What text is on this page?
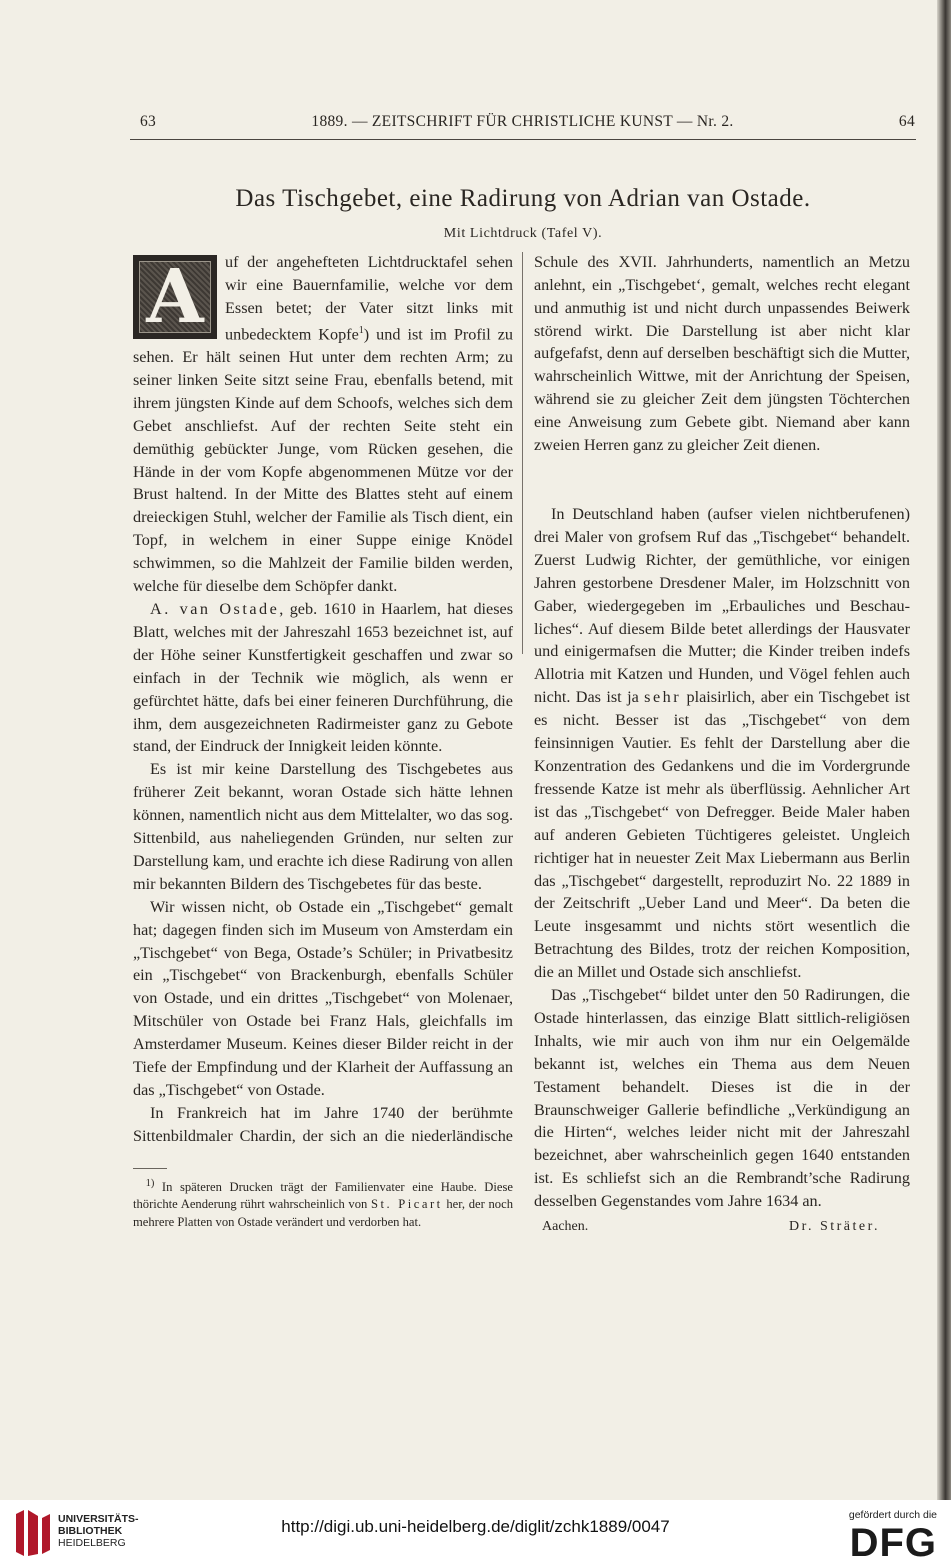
63	1889. — ZEITSCHRIFT FÜR CHRISTLICHE KUNST — Nr. 2.	64
Das Tischgebet, eine Radirung von Adrian van Ostade.
Mit Lichtdruck (Tafel V).

A	uf der angehefteten Lichtdrucktafel sehen wir eine Bauernfamilie, welche vor dem Essen betet; der Vater sitzt links mit unbedecktem Kopfe$^1$) und ist im Profil zu sehen. Er hält seinen Hut unter dem rechten Arm; zu seiner linken Seite sitzt seine Frau, ebenfalls betend, mit ihrem jüngsten Kinde auf dem Schoofs, welches sich dem Gebet anschliefst. Auf der rechten Seite steht ein demüthig gebückter Junge, vom Rücken gesehen, die Hände in der vom Kopfe abgenommenen Mütze vor der Brust haltend. In der Mitte des Blattes steht auf einem dreieckigen Stuhl, welcher der Familie als Tisch dient, ein Topf, in welchem in einer Suppe einige Knödel schwimmen, so die Mahlzeit der Familie bilden werden, welche für dieselbe dem Schöpfer dankt.

A. van Ostade, geb. 1610 in Haarlem, hat dieses Blatt, welches mit der Jahreszahl 1653 bezeichnet ist, auf der Höhe seiner Kunstfertigkeit geschaffen und zwar so einfach in der Technik wie möglich, als wenn er gefürchtet hätte, dafs bei einer feineren Durchführung, die ihm, dem ausgezeichneten Radirmeister ganz zu Gebote stand, der Eindruck der Innigkeit leiden könnte.

Es ist mir keine Darstellung des Tischgebetes aus früherer Zeit bekannt, woran Ostade sich hätte lehnen können, namentlich nicht aus dem Mittelalter, wo das sog. Sittenbild, aus naheliegenden Gründen, nur selten zur Darstellung kam, und erachte ich diese Radirung von allen mir bekannten Bildern des Tischgebetes für das beste.

Wir wissen nicht, ob Ostade ein „Tischgebet“ gemalt hat; dagegen finden sich im Museum von Amsterdam ein „Tischgebet“ von Bega, Ostade’s Schüler; in Privatbesitz ein „Tischgebet“ von Brackenburgh, ebenfalls Schüler von Ostade, und ein drittes „Tischgebet“ von Molenaer, Mitschüler von Ostade bei Franz Hals, gleichfalls im Amsterdamer Museum. Keines dieser Bilder reicht in der Tiefe der Empfindung und der Klarheit der Auffassung an das „Tischgebet“ von Ostade.

In Frankreich hat im Jahre 1740 der berühmte Sittenbildmaler Chardin, der sich an die niederländische

$^{1)}$ In späteren Drucken trägt der Familienvater eine Haube. Diese thörichte Aenderung rührt wahrscheinlich von St. Picart her, der noch mehrere Platten von Ostade verändert und verdorben hat.

Schule des XVII. Jahrhunderts, namentlich an Metzu anlehnt, ein „Tischgebet‘, gemalt, welches recht elegant und anmuthig ist und nicht durch unpassendes Beiwerk störend wirkt. Die Darstellung ist aber nicht klar aufgefafst, denn auf derselben beschäftigt sich die Mutter, wahrscheinlich Wittwe, mit der Anrichtung der Speisen, während sie zu gleicher Zeit dem jüngsten Töchterchen eine Anweisung zum Gebete gibt. Niemand aber kann zweien Herren ganz zu gleicher Zeit dienen.

In Deutschland haben (aufser vielen nichtberufenen) drei Maler von grofsem Ruf das „Tischgebet“ behandelt. Zuerst Ludwig Richter, der gemüthliche, vor einigen Jahren gestorbene Dresdener Maler, im Holzschnitt von Gaber, wiedergegeben im „Erbauliches und Beschauliches“. Auf diesem Bilde betet allerdings der Hausvater und einigermafsen die Mutter; die Kinder treiben indefs Allotria mit Katzen und Hunden, und Vögel fehlen auch nicht. Das ist ja sehr plaisirlich, aber ein Tischgebet ist es nicht. Besser ist das „Tischgebet“ von dem feinsinnigen Vautier. Es fehlt der Darstellung aber die Konzentration des Gedankens und die im Vordergrunde fressende Katze ist mehr als überflüssig. Aehnlicher Art ist das „Tischgebet“ von Defregger. Beide Maler haben auf anderen Gebieten Tüchtigeres geleistet. Ungleich richtiger hat in neuester Zeit Max Liebermann aus Berlin das „Tischgebet“ dargestellt, reproduzirt No. 22 1889 in der Zeitschrift „Ueber Land und Meer“. Da beten die Leute insgesammt und nichts stört wesentlich die Betrachtung des Bildes, trotz der reichen Komposition, die an Millet und Ostade sich anschliefst.

Das „Tischgebet“ bildet unter den 50 Radirungen, die Ostade hinterlassen, das einzige Blatt sittlich-religiösen Inhalts, wie mir auch von ihm nur ein Oelgemälde bekannt ist, welches ein Thema aus dem Neuen Testament behandelt. Dieses ist die in der Braunschweiger Gallerie befindliche „Verkündigung an die Hirten“, welches leider nicht mit der Jahreszahl bezeichnet, aber wahrscheinlich gegen 1640 entstanden ist. Es schliefst sich an die Rembrandt’sche Radirung desselben Gegenstandes vom Jahre 1634 an.

Aachen.	Dr. Sträter.
UNIVERSITÄTS-
BIBLIOTHEK
HEIDELBERG
http://digi.ub.uni-heidelberg.de/diglit/zchk1889/0047
gefördert durch die
DFG
